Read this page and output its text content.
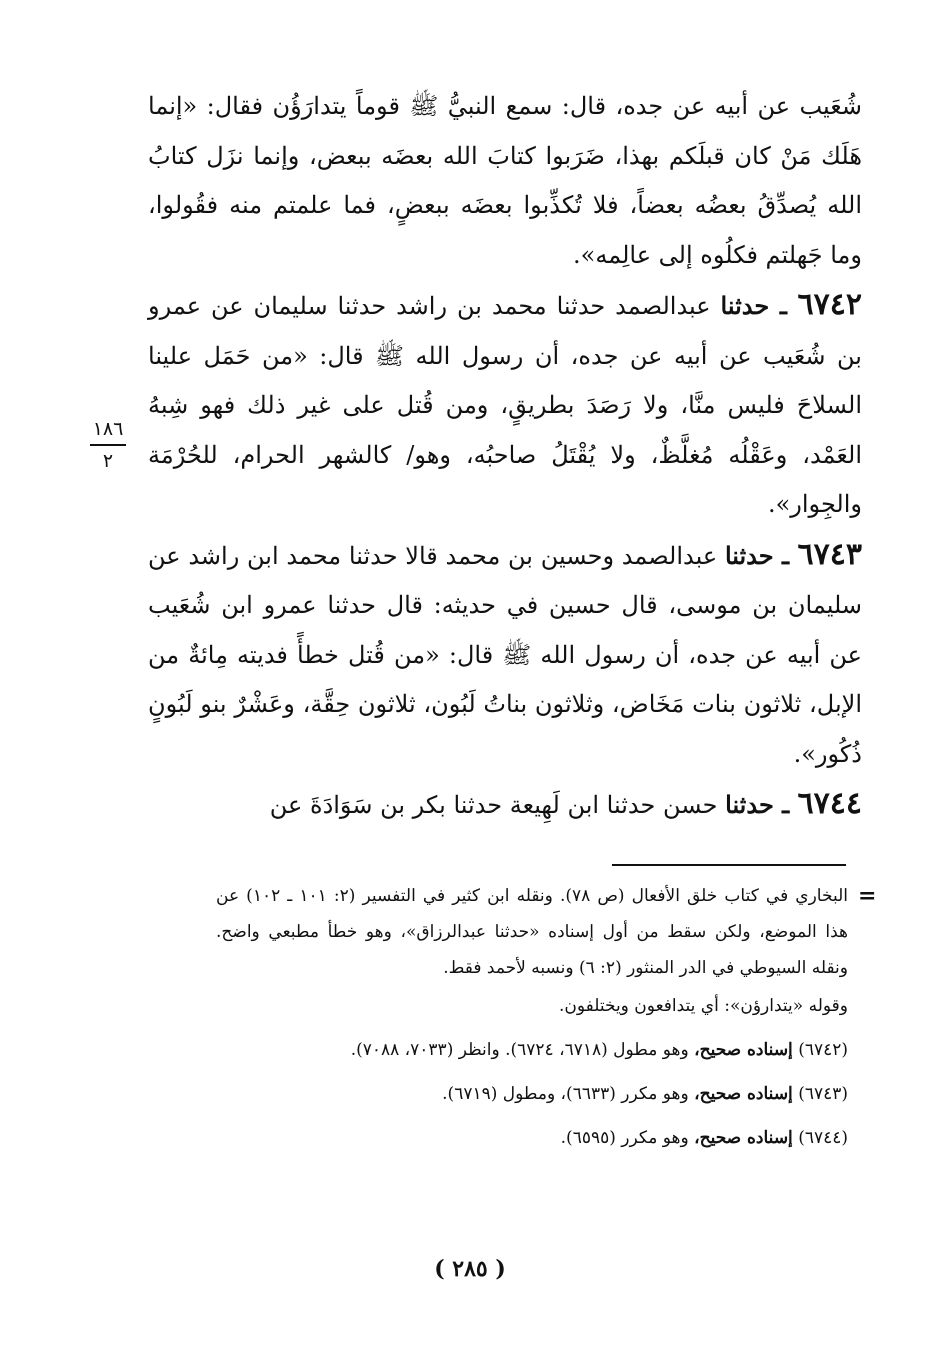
شُعَيب عن أبيه عن جده، قال: سمع النبيُّ ﷺ قوماً يتدارَؤُن فقال: «إنما هَلَك مَنْ كان قبلَكم بهذا، ضَرَبوا كتابَ الله بعضَه ببعض، وإنما نزَل كتابُ الله يُصدِّقُ بعضُه بعضاً، فلا تُكذِّبوا بعضَه ببعضٍ، فما علمتم منه فقُولوا، وما جَهلتم فكلُوه إلى عالِمه».

٦٧٤٢ ـ حدثنا عبدالصمد حدثنا محمد بن راشد حدثنا سليمان عن عمرو بن شُعَيب عن أبيه عن جده، أن رسول الله ﷺ قال: «من حَمَل علينا السلاحَ فليس منَّا، ولا رَصَدَ بطريقٍ، ومن قُتل على غير ذلك فهو شِبهُ العَمْد، وعَقْلُه مُغلَّظٌ، ولا يُقْتَلُ صاحبُه، وهو/ كالشهر الحرام، للحُرْمَة والجِوار».

٦٧٤٣ ـ حدثنا عبدالصمد وحسين بن محمد قالا حدثنا محمد ابن راشد عن سليمان بن موسى، قال حسين في حديثه: قال حدثنا عمرو ابن شُعَيب عن أبيه عن جده، أن رسول الله ﷺ قال: «من قُتل خطأً فديته مِائةٌ من الإبل، ثلاثون بنات مَخَاض، وثلاثون بناتُ لَبُون، ثلاثون حِقَّة، وعَشْرٌ بنو لَبُونٍ ذُكُور».

٦٧٤٤ ـ حدثنا حسن حدثنا ابن لَهِيعة حدثنا بكر بن سَوَادَةَ عن

١٨٦
٢
=

البخاري في كتاب خلق الأفعال (ص ٧٨). ونقله ابن كثير في التفسير (٢: ١٠١ ـ ١٠٢) عن هذا الموضع، ولكن سقط من أول إسناده «حدثنا عبدالرزاق»، وهو خطأ مطبعي واضح. ونقله السيوطي في الدر المنثور (٢: ٦) ونسبه لأحمد فقط.

وقوله «يتدارؤن»: أي يتدافعون ويختلفون.

(٦٧٤٢) إسناده صحيح، وهو مطول (٦٧١٨، ٦٧٢٤). وانظر (٧٠٣٣، ٧٠٨٨).

(٦٧٤٣) إسناده صحيح، وهو مكرر (٦٦٣٣)، ومطول (٦٧١٩).

(٦٧٤٤) إسناده صحيح، وهو مكرر (٦٥٩٥).

( ٢٨٥ )
